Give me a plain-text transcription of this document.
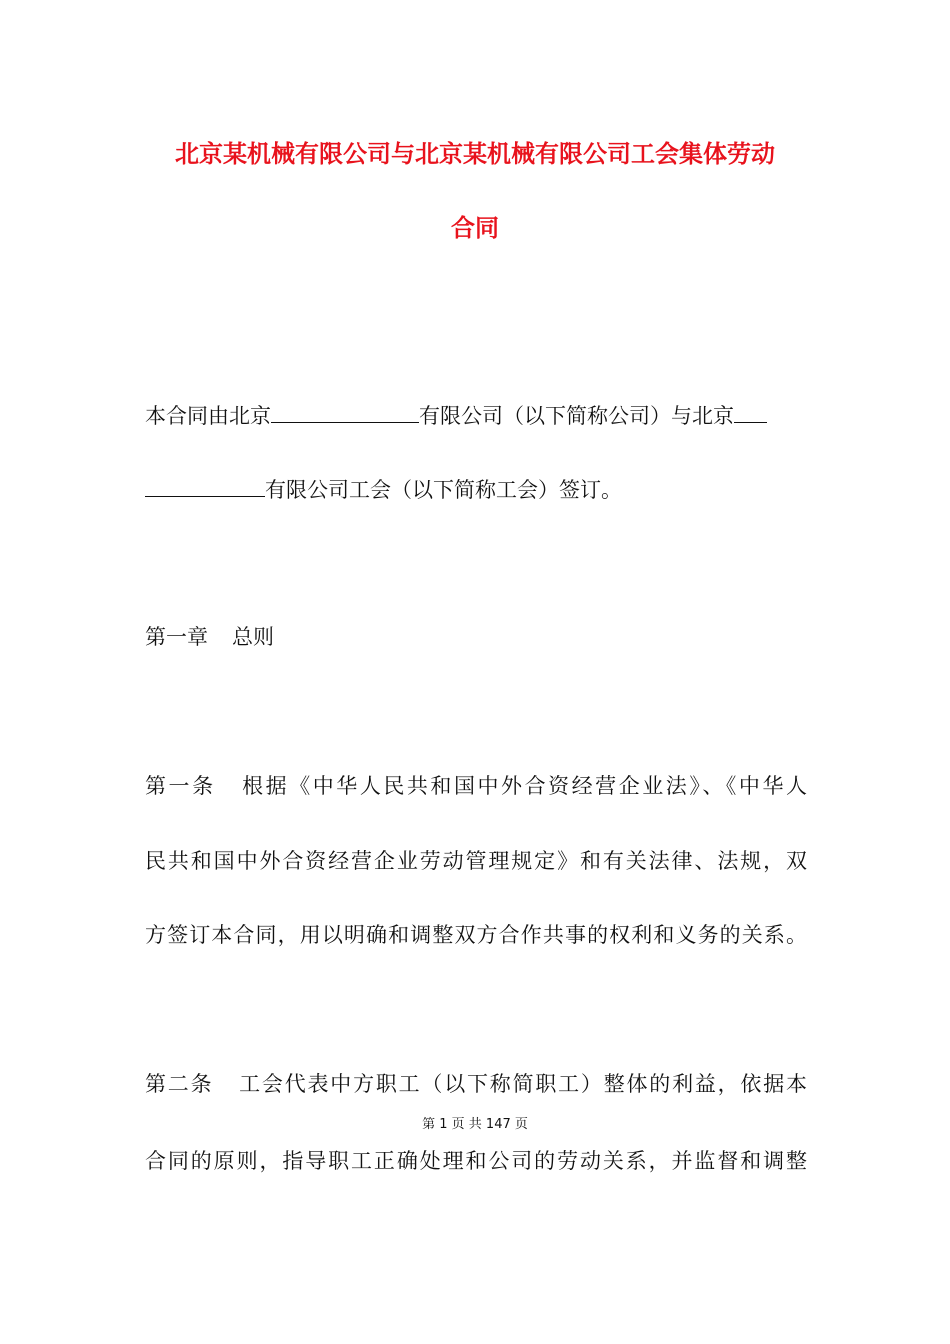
北京某机械有限公司与北京某机械有限公司工会集体劳动
合同
本合同由北京	有限公司（以下简称公司）与北京
有限公司工会（以下简称工会）签订。
第一章 总则
第一条 根据《中华人民共和国中外合资经营企业法》、《中华人
民共和国中外合资经营企业劳动管理规定》和有关法律、法规，双
方签订本合同，用以明确和调整双方合作共事的权利和义务的关系。
第二条 工会代表中方职工（以下称简职工）整体的利益，依据本
第 1 页 共 147 页
合同的原则，指导职工正确处理和公司的劳动关系，并监督和调整
